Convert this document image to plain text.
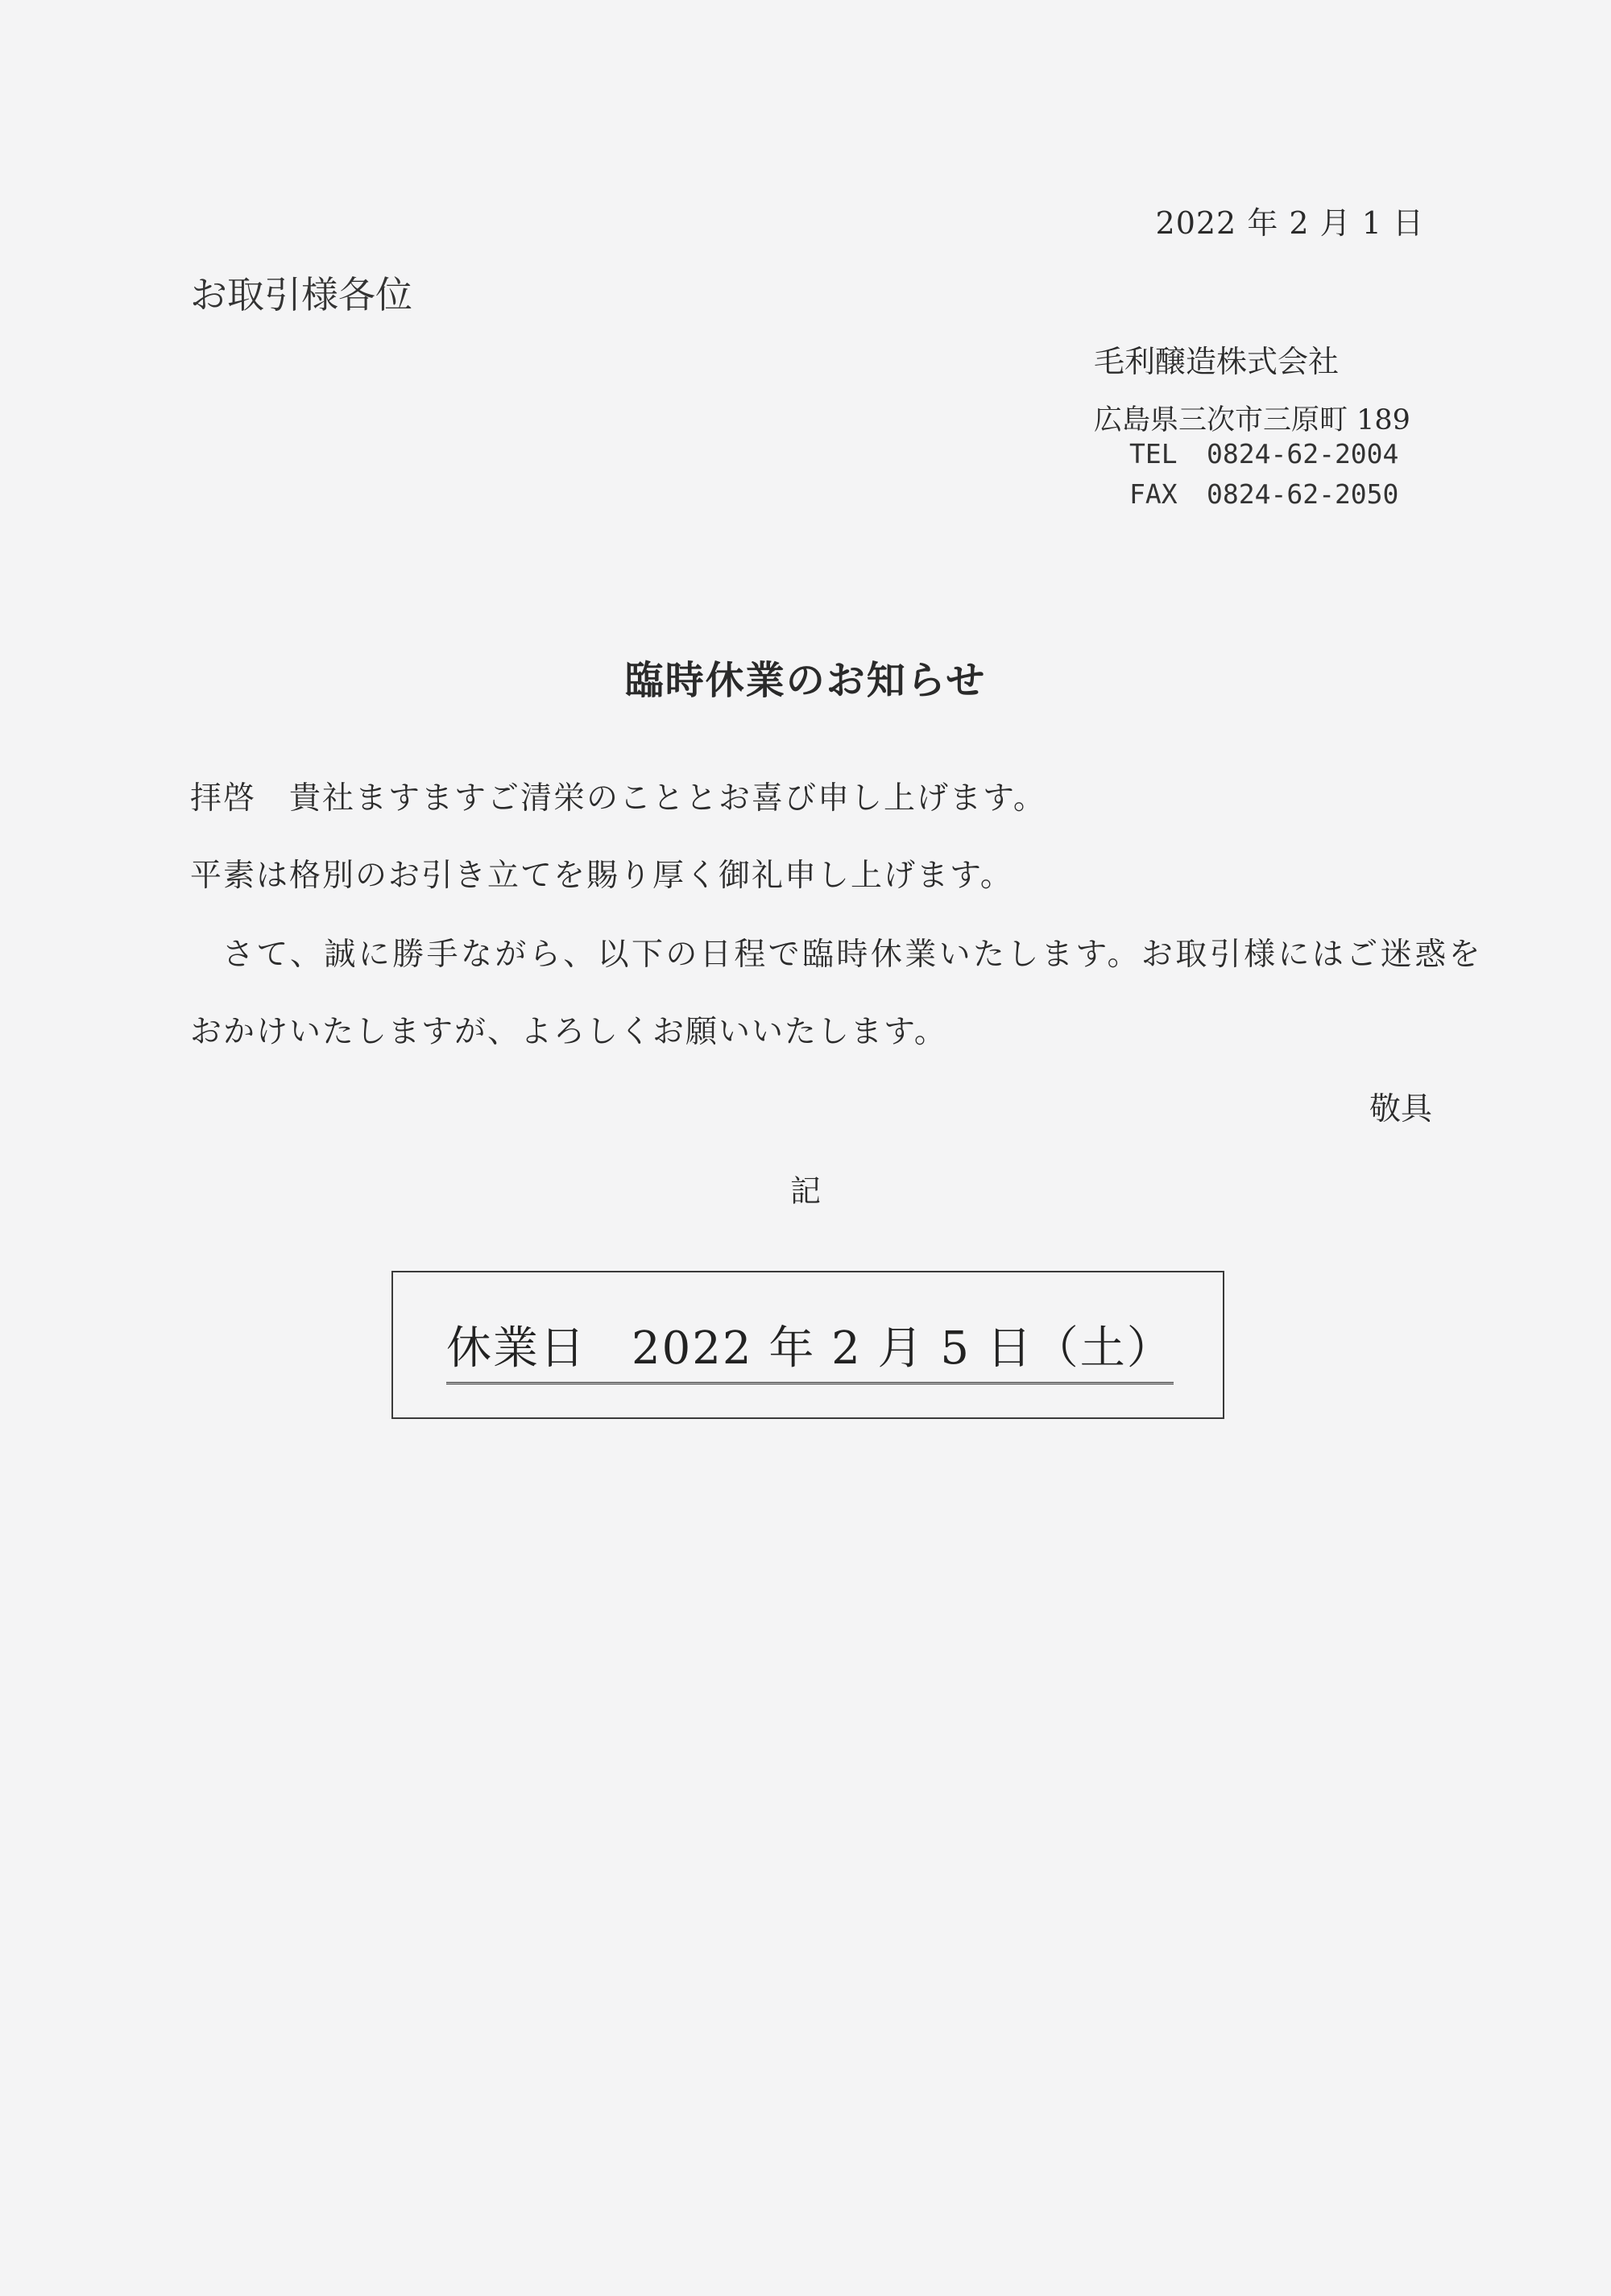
2022 年 2 月 1 日
お取引様各位
毛利醸造株式会社
広島県三次市三原町 189
TEL 0824-62-2004
FAX 0824-62-2050
臨時休業のお知らせ
拝啓　貴社ますますご清栄のこととお喜び申し上げます。
平素は格別のお引き立てを賜り厚く御礼申し上げます。
さて、誠に勝手ながら、以下の日程で臨時休業いたします。お取引様にはご迷惑を
おかけいたしますが、よろしくお願いいたします。
敬具
記
休業日 2022 年 2 月 5 日（土）
